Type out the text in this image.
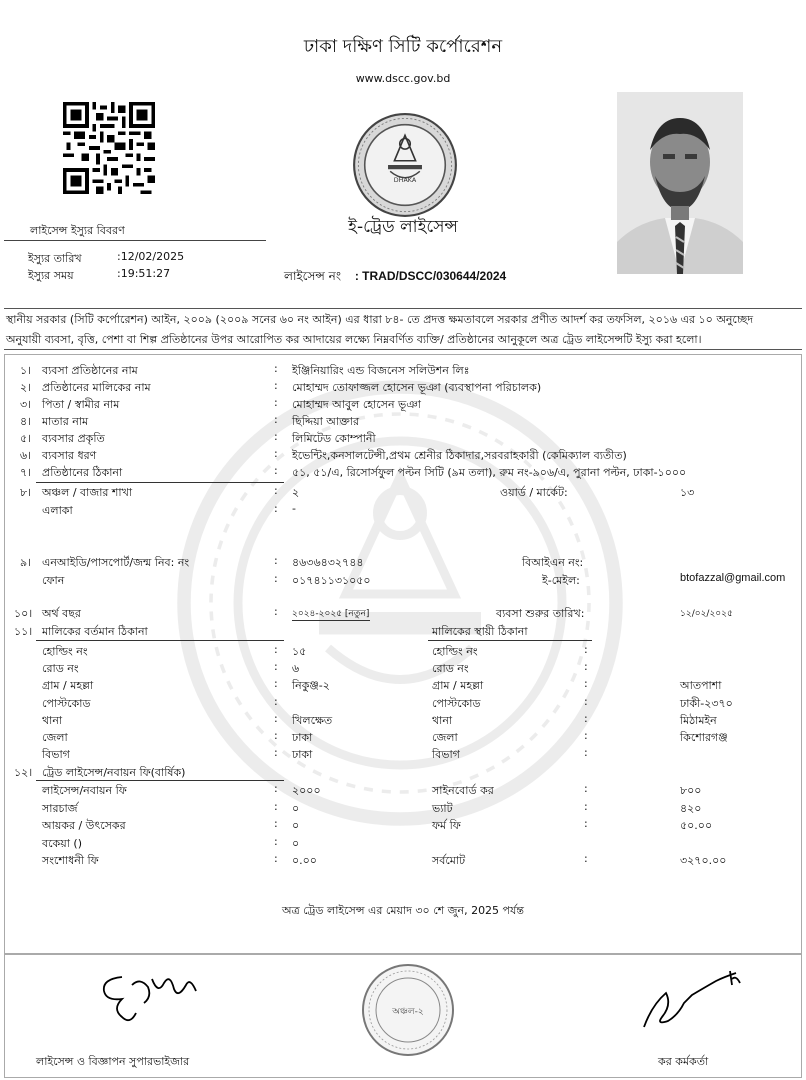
ঢাকা দক্ষিণ সিটি কর্পোরেশন
www.dscc.gov.bd
DHAKA
লাইসেন্স ইস্যুর বিবরণ
ইস্যুর তারিখ	:12/02/2025
ইস্যুর সময়	:19:51:27
ই-ট্রেড লাইসেন্স
লাইসেন্স নং : TRAD/DSCC/030644/2024
স্থানীয় সরকার (সিটি কর্পোরেশন) আইন, ২০০৯ (২০০৯ সনের ৬০ নং আইন) এর ধারা ৮৪- তে প্রদত্ত ক্ষমতাবলে সরকার প্রণীত আদর্শ কর তফসিল, ২০১৬ এর ১০ অনুচ্ছেদ
অনুযায়ী ব্যবসা, বৃত্তি, পেশা বা শিল্প প্রতিষ্ঠানের উপর আরোপিত কর আদায়ের লক্ষ্যে নিম্নবর্ণিত ব্যক্তি/ প্রতিষ্ঠানের আনুকূলে অত্র ট্রেড লাইসেন্সটি ইস্যু করা হলো।
১। ব্যবসা প্রতিষ্ঠানের নাম	: ইঞ্জিনিয়ারিং এন্ড বিজনেস সলিউশন লিঃ
২। প্রতিষ্ঠানের মালিকের নাম	: মোহাম্মদ তোফাজ্জল হোসেন ভূঞা (ব্যবস্থাপনা পরিচালক)
৩। পিতা / স্বামীর নাম	: মোহাম্মদ আবুল হোসেন ভূঞা
৪। মাতার নাম	: ছিদ্দিয়া আক্তার
৫। ব্যবসার প্রকৃতি	: লিমিটেড কোম্পানী
৬। ব্যবসার ধরণ	: ইভেন্টিং,কনসালটেন্সী,প্রথম শ্রেনীর ঠিকাদার,সরবরাহকারী (কেমিক্যাল ব্যতীত)
৭। প্রতিষ্ঠানের ঠিকানা	: ৫১, ৫১/এ, রিসোর্সফুল পল্টন সিটি (৯ম তলা), রুম নং-৯০৬/এ, পুরানা পল্টন, ঢাকা-১০০০
৮। অঞ্চল / বাজার শাখা	: ২	ওয়ার্ড / মার্কেট:	১৩
এলাকা	: -
৯। এনআইডি/পাসপোর্ট/জন্ম নিব: নং	: ৪৬৩৬৪৩২৭৪৪	বিআইএন নং:
ফোন	: ০১৭৪১১৩১০৫০	ই-মেইল:	btofazzal@gmail.com
১০। অর্থ বছর	: ২০২৪-২০২৫ [নতুন]	ব্যবসা শুরুর তারিখ:	১২/০২/২০২৫
১১। মালিকের বর্তমান ঠিকানা	মালিকের স্থায়ী ঠিকানা
হোল্ডিং নং	: ১৫	হোল্ডিং নং	:
রোড নং	: ৬	রোড নং	:
গ্রাম / মহল্লা	: নিকুঞ্জ-২	গ্রাম / মহল্লা	:	আতপাশা
পোস্টকোড	:	পোস্টকোড	:	ঢাকী-২৩৭০
থানা	: খিলক্ষেত	থানা	:	মিঠামইন
জেলা	: ঢাকা	জেলা	:	কিশোরগঞ্জ
বিভাগ	: ঢাকা	বিভাগ	:
১২। ট্রেড লাইসেন্স/নবায়ন ফি(বার্ষিক)
লাইসেন্স/নবায়ন ফি	: ২০০০	সাইনবোর্ড কর	:	৮০০
সারচার্জ	: ০	ভ্যাট	:	৪২০
আয়কর / উৎসেকর	: ০	ফর্ম ফি	:	৫০.০০
বকেয়া ()	: ০
সংশোধনী ফি	: ০.০০	সর্বমোট	:	৩২৭০.০০
অত্র ট্রেড লাইসেন্স এর মেয়াদ ৩০ শে জুন, 2025 পর্যন্ত
অঞ্চল-২
লাইসেন্স ও বিজ্ঞাপন সুপারভাইজার	কর কর্মকর্তা
